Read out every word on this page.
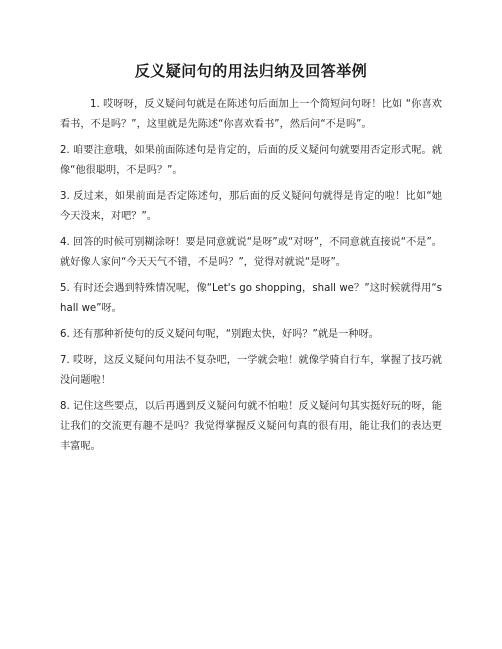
反义疑问句的用法归纳及回答举例

1. 哎呀呀，反义疑问句就是在陈述句后面加上一个简短问句呀！比如 “你喜欢看书，不是吗？”，这里就是先陈述“你喜欢看书”，然后问“不是吗”。

2. 咱要注意哦，如果前面陈述句是肯定的，后面的反义疑问句就要用否定形式呢。就像“他很聪明，不是吗？”。

3. 反过来，如果前面是否定陈述句，那后面的反义疑问句就得是肯定的啦！比如“她今天没来，对吧？”。

4. 回答的时候可别糊涂呀！要是同意就说“是呀”或“对呀”，不同意就直接说“不是”。就好像人家问“今天天气不错，不是吗？”，觉得对就说“是呀”。

5. 有时还会遇到特殊情况呢，像“Let's go shopping，shall we？”这时候就得用“shall we”呀。

6. 还有那种祈使句的反义疑问句呢，“别跑太快，好吗？”就是一种呀。

7. 哎呀，这反义疑问句用法不复杂吧，一学就会啦！就像学骑自行车，掌握了技巧就没问题啦！

8. 记住这些要点，以后再遇到反义疑问句就不怕啦！反义疑问句其实挺好玩的呀，能让我们的交流更有趣不是吗？我觉得掌握反义疑问句真的很有用，能让我们的表达更丰富呢。
